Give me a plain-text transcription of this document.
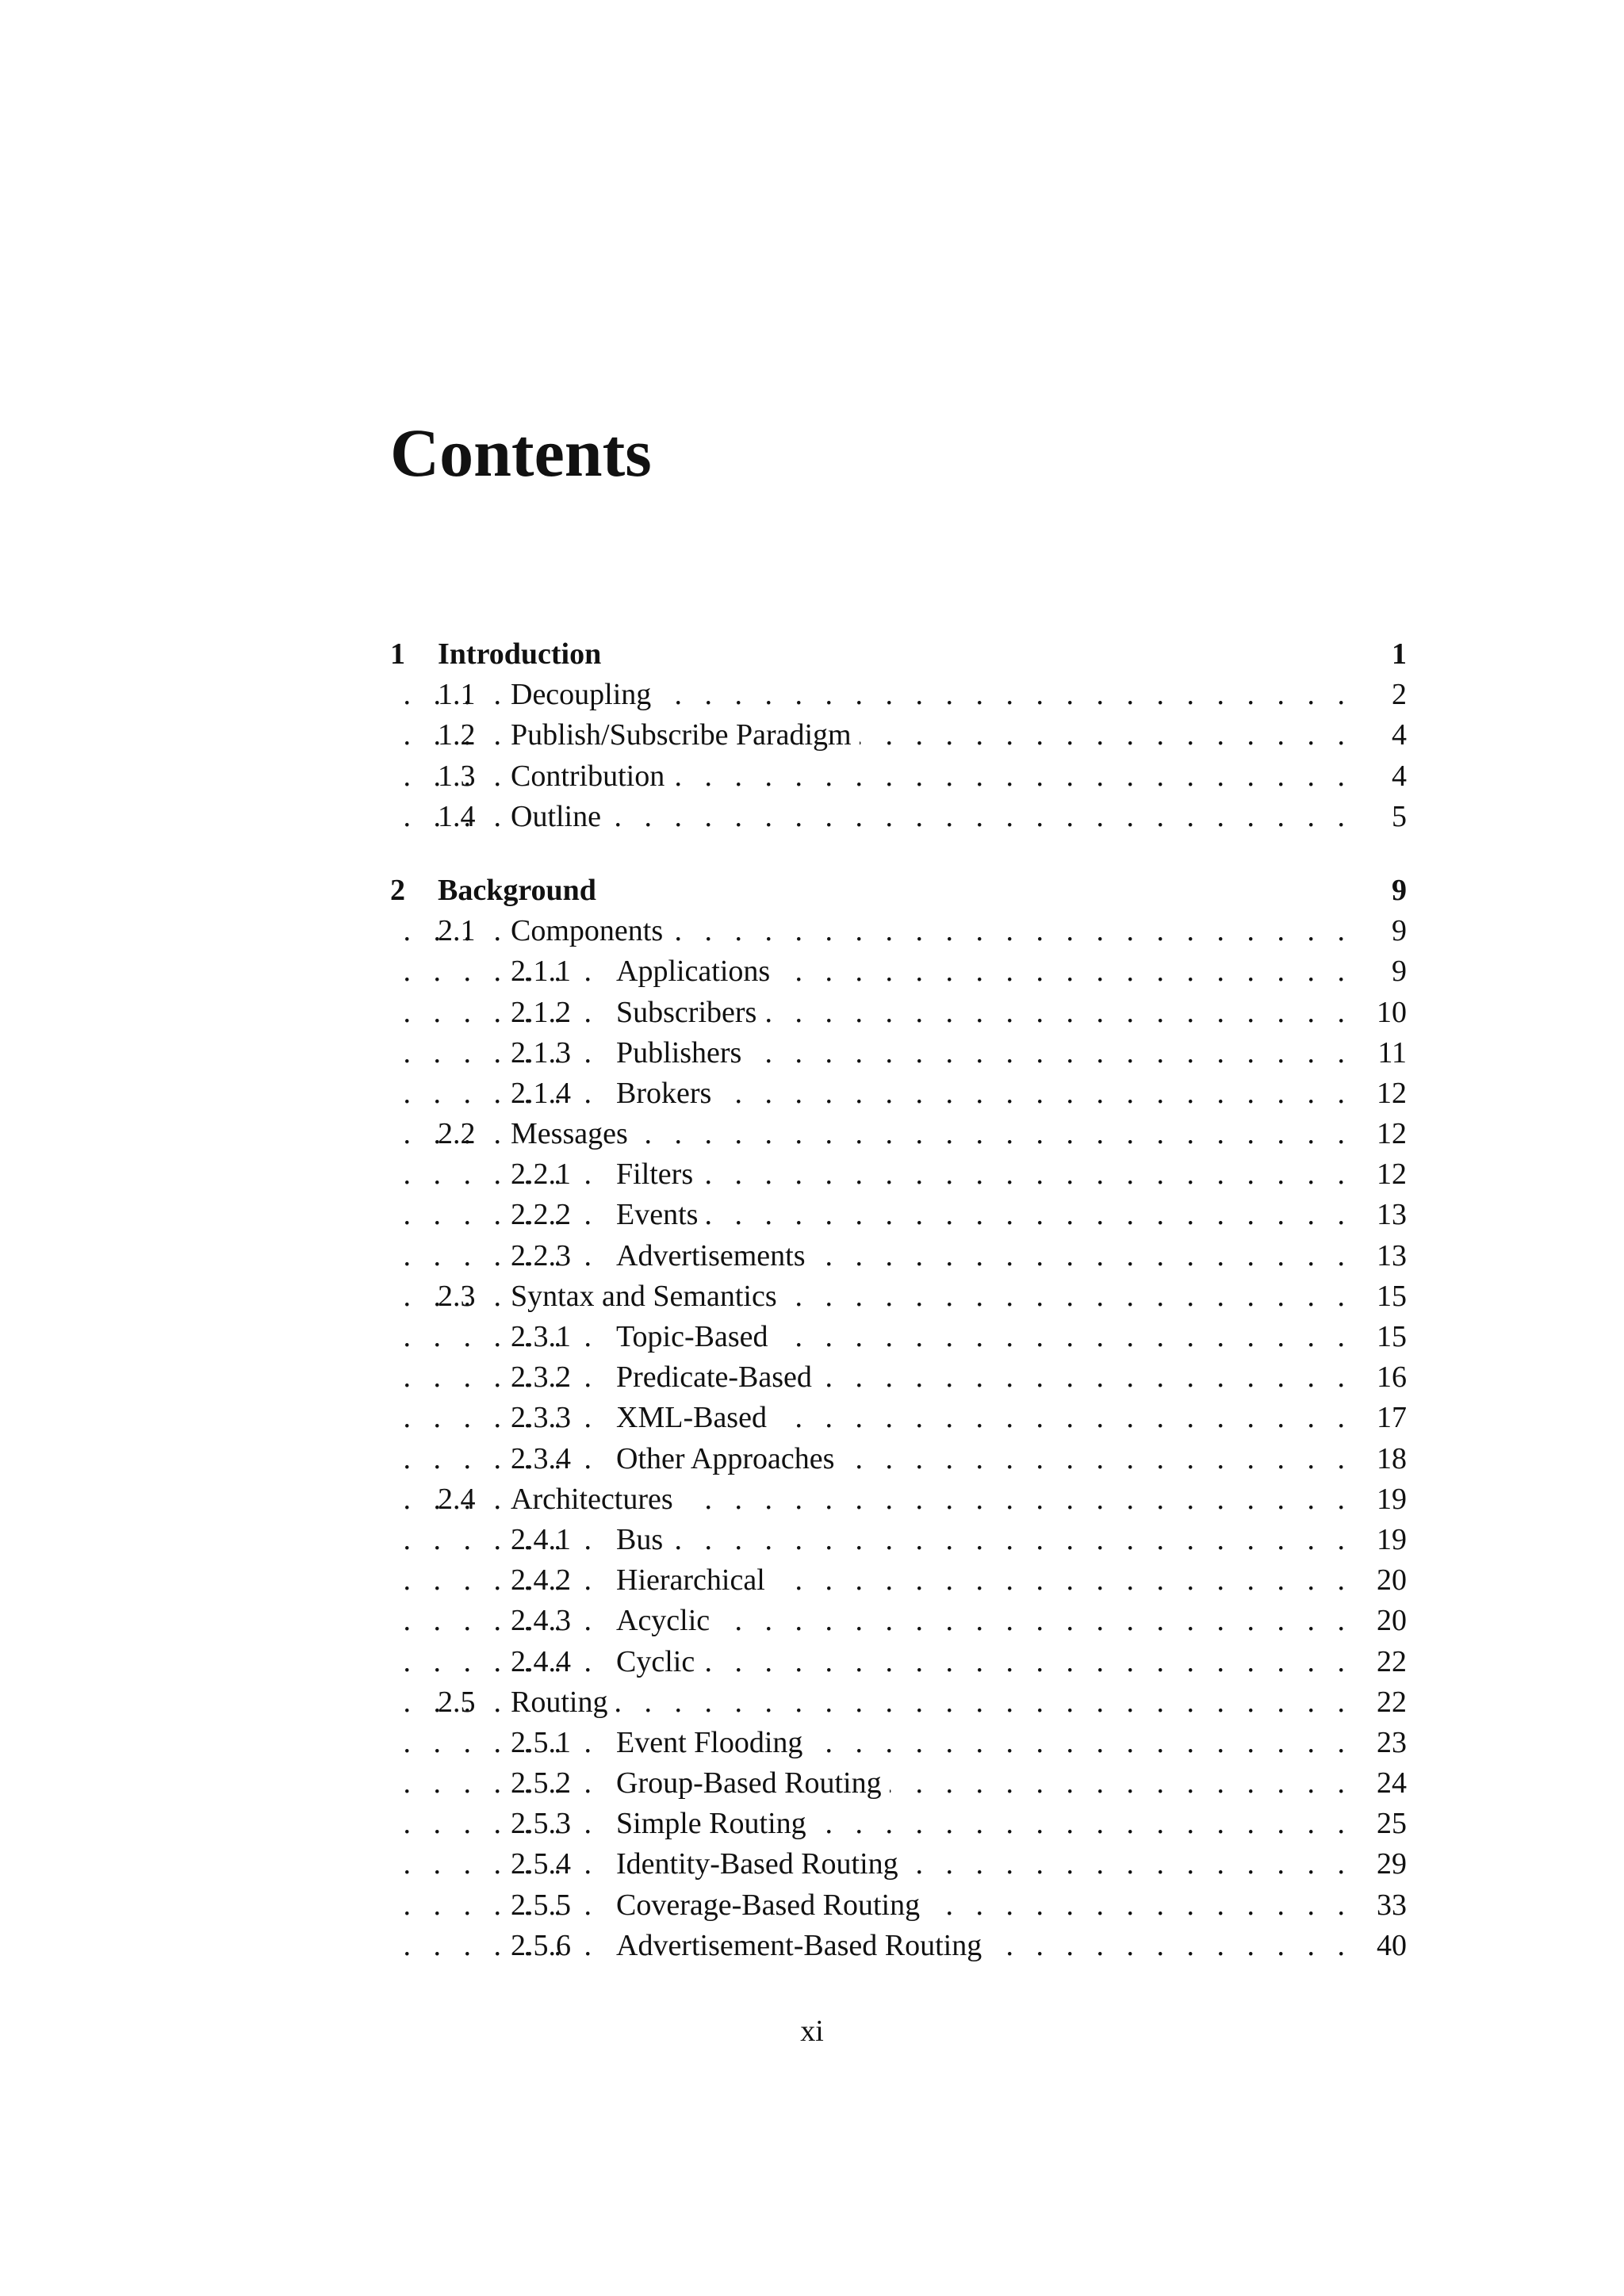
Contents
1 Introduction	1
.   .
1.1 Decoupling	2
.   .
1.2 Publish/Subscribe Paradigm	4
.   .
1.3 Contribution	4
.   .
1.4 Outline	5
2 Background	9
.   .
2.1 Components	9
.   .
2.1.1 Applications	9
.   .
2.1.2 Subscribers	10
.   .
2.1.3 Publishers	11
.   .
2.1.4 Brokers	12
.   .
2.2 Messages	12
.   .
2.2.1 Filters	12
.   .
2.2.2 Events	13
.   .
2.2.3 Advertisements	13
.   .
2.3 Syntax and Semantics	15
.   .
2.3.1 Topic-Based	15
.   .
2.3.2 Predicate-Based	16
.   .
2.3.3 XML-Based	17
.   .
2.3.4 Other Approaches	18
.   .
2.4 Architectures	19
.   .
2.4.1 Bus	19
.   .
2.4.2 Hierarchical	20
.   .
2.4.3 Acyclic	20
.   .
2.4.4 Cyclic	22
.   .
2.5 Routing	22
.   .
2.5.1 Event Flooding	23
.   .
2.5.2 Group-Based Routing	24
.   .
2.5.3 Simple Routing	25
.   .
2.5.4 Identity-Based Routing	29
.   .
2.5.5 Coverage-Based Routing	33
.   .
2.5.6 Advertisement-Based Routing	40
xi
